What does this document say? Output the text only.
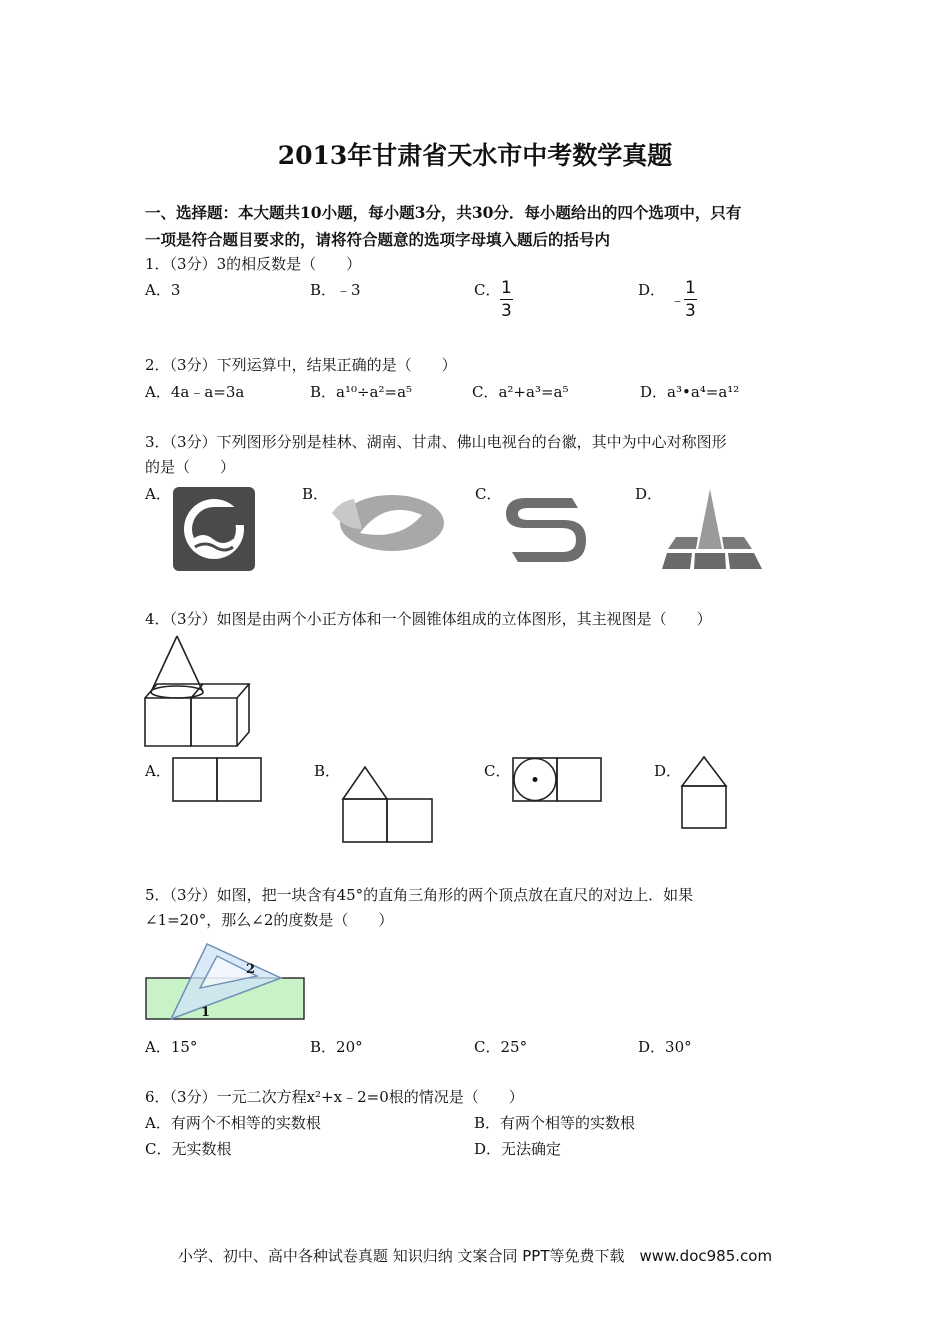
2013年甘肃省天水市中考数学真题
一、选择题：本大题共10小题，每小题3分，共30分．每小题给出的四个选项中，只有
一项是符合题目要求的，请将符合题意的选项字母填入题后的括号内
1．（3分）3的相反数是（　　）
A．3	B．﹣3	C． $\frac{1}{3}$	D．
﹣
$\frac{1}{3}$
2．（3分）下列运算中，结果正确的是（　　）
A．4a﹣a=3a	B．a¹⁰÷a²=a⁵	C．a²+a³=a⁵	D．a³•a⁴=a¹²
3．（3分）下列图形分别是桂林、湖南、甘肃、佛山电视台的台徽，其中为中心对称图形
的是（　　）
A．	B．	C．	D．
4．（3分）如图是由两个小正方体和一个圆锥体组成的立体图形，其主视图是（　　）
A．	B．	C．	D．
5．（3分）如图，把一块含有45°的直角三角形的两个顶点放在直尺的对边上．如果
∠1=20°，那么∠2的度数是（　　）
2
1
A．15°	B．20°	C．25°	D．30°
6．（3分）一元二次方程x²+x﹣2=0根的情况是（　　）
A．有两个不相等的实数根	B．有两个相等的实数根
C．无实数根	D．无法确定
小学、初中、高中各种试卷真题 知识归纳 文案合同 PPT等免费下载　www.doc985.com
